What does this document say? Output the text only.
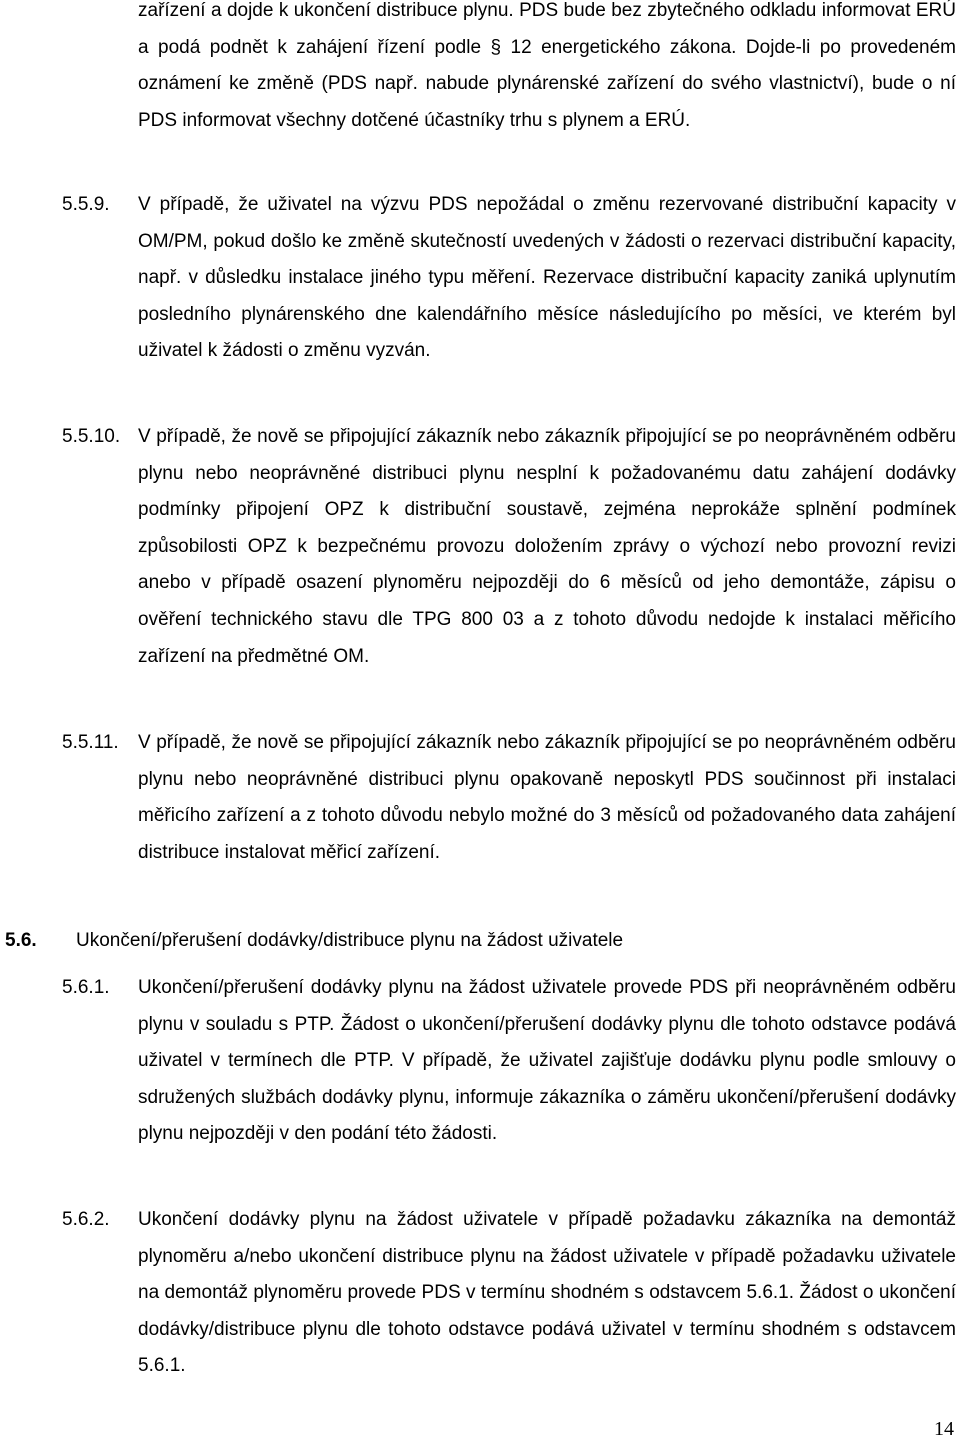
zařízení a dojde k ukončení distribuce plynu. PDS bude bez zbytečného odkladu informovat ERÚ a podá podnět k zahájení řízení podle § 12 energetického zákona. Dojde-li po provedeném oznámení ke změně (PDS např. nabude plynárenské zařízení do svého vlastnictví), bude o ní PDS informovat všechny dotčené účastníky trhu s plynem a ERÚ.

5.5.9. V případě, že uživatel na výzvu PDS nepožádal o změnu rezervované distribuční kapacity v OM/PM, pokud došlo ke změně skutečností uvedených v žádosti o rezervaci distribuční kapacity, např. v důsledku instalace jiného typu měření. Rezervace distribuční kapacity zaniká uplynutím posledního plynárenského dne kalendářního měsíce následujícího po měsíci, ve kterém byl uživatel k žádosti o změnu vyzván.

5.5.10. V případě, že nově se připojující zákazník nebo zákazník připojující se po neoprávněném odběru plynu nebo neoprávněné distribuci plynu nesplní k požadovanému datu zahájení dodávky podmínky připojení OPZ k distribuční soustavě, zejména neprokáže splnění podmínek způsobilosti OPZ k bezpečnému provozu doložením zprávy o výchozí nebo provozní revizi anebo v případě osazení plynoměru nejpozději do 6 měsíců od jeho demontáže, zápisu o ověření technického stavu dle TPG 800 03 a z tohoto důvodu nedojde k instalaci měřicího zařízení na předmětné OM.

5.5.11. V případě, že nově se připojující zákazník nebo zákazník připojující se po neoprávněném odběru plynu nebo neoprávněné distribuci plynu opakovaně neposkytl PDS součinnost při instalaci měřicího zařízení a z tohoto důvodu nebylo možné do 3 měsíců od požadovaného data zahájení distribuce instalovat měřicí zařízení.

5.6. Ukončení/přerušení dodávky/distribuce plynu na žádost uživatele

5.6.1. Ukončení/přerušení dodávky plynu na žádost uživatele provede PDS při neoprávněném odběru plynu v souladu s PTP. Žádost o ukončení/přerušení dodávky plynu dle tohoto odstavce podává uživatel v termínech dle PTP. V případě, že uživatel zajišťuje dodávku plynu podle smlouvy o sdružených službách dodávky plynu, informuje zákazníka o záměru ukončení/přerušení dodávky plynu nejpozději v den podání této žádosti.

5.6.2. Ukončení dodávky plynu na žádost uživatele v případě požadavku zákazníka na demontáž plynoměru a/nebo ukončení distribuce plynu na žádost uživatele v případě požadavku uživatele na demontáž plynoměru provede PDS v termínu shodném s odstavcem 5.6.1. Žádost o ukončení dodávky/distribuce plynu dle tohoto odstavce podává uživatel v termínu shodném s odstavcem 5.6.1.

14
